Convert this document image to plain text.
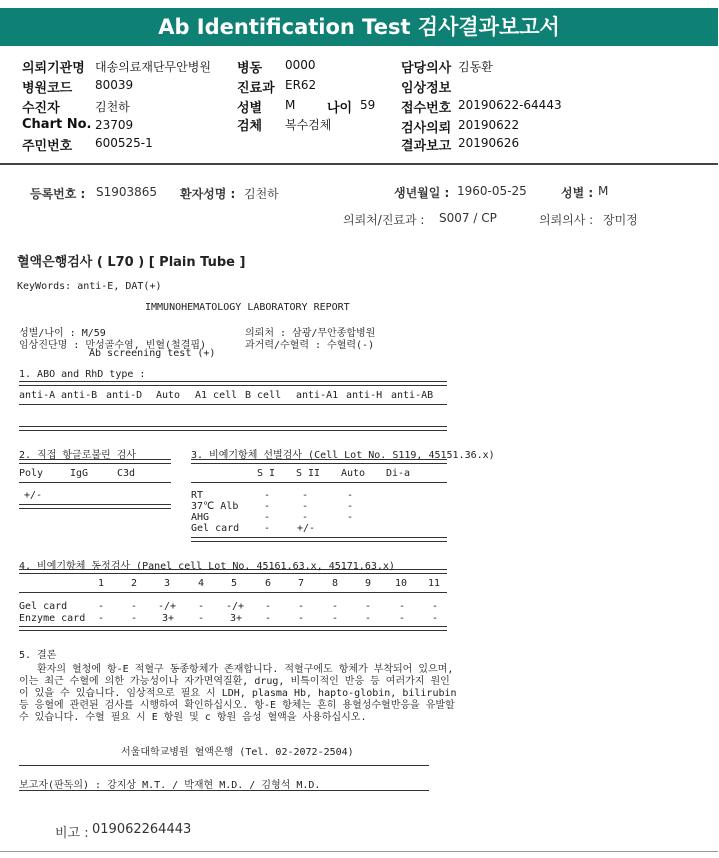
Ab Identification Test 검사결과보고서
의뢰기관명 대송의료재단무안병원
병원코드 80039
수진자	김천하
Chart No. 23709
주민번호 600525-1
병동 0000
진료과 ER62
성별 M 나이 59
검체 복수검체
담당의사 김동환
임상정보
접수번호 20190622-64443
검사의뢰 20190622
결과보고 20190626
등록번호 : S1903865 환자성명 : 김천하	생년월일 : 1960-05-25	성별 : M
의뢰처/진료과 : S007 / CP	의뢰의사 : 장미정
혈액은행검사 ( L70 ) [ Plain Tube ]
KeyWords: anti-E, DAT(+)
IMMUNOHEMATOLOGY LABORATORY REPORT
성별/나이 : M/59	의뢰처 : 삼광/무안종합병원
임상진단명 : 만성골수염, 빈혈(철결핍)	과거력/수혈력 : 수혈력(-)
Ab screening test (+)
1. ABO and RhD type :
anti-A anti-B anti-D Auto A1 cell B cell anti-A1 anti-H anti-AB
2. 직접 항글로불린 검사
Poly	IgG	C3d
+/-
3. 비예기항체 선별검사 (Cell Lot No. S119, 45151.36.x)
S I S II Auto Di-a
RT	-	-	-
37℃ Alb	-	-	-
AHG	-	-	-
Gel card -	+/-
4. 비예기항체 동정검사 (Panel cell Lot No. 45161.63.x, 45171.63.x)
1	2	3	4	5	6	7	8	9 10 11
Gel card	-	- -/+ - -/+ -	-	-	-	-	-
Enzyme card -	- 3+ -	3+ -	-	-	-	-	-
5. 결론
환자의 혈청에 항-E 적혈구 동종항체가 존재합니다. 적혈구에도 항체가 부착되어 있으며, 이는 최근 수혈에 의한 가능성이나 자가면역질환, drug, 비특이적인 반응 등 여러가지 원인이 있을 수 있습니다. 임상적으로 필요 시 LDH, plasma Hb, hapto-globin, bilirubin 등 응혈에 관련된 검사를 시행하여 확인하십시오. 항-E 항체는 흔히 용혈성수혈반응을 유발할 수 있습니다. 수혈 필요 시 E 항원 및 c 항원 음성 혈액을 사용하십시오.
서울대학교병원 혈액은행 (Tel. 02-2072-2504)
보고자(판독의) : 강지상 M.T. / 박재현 M.D. / 김형석 M.D.
비고 : 019062264443
